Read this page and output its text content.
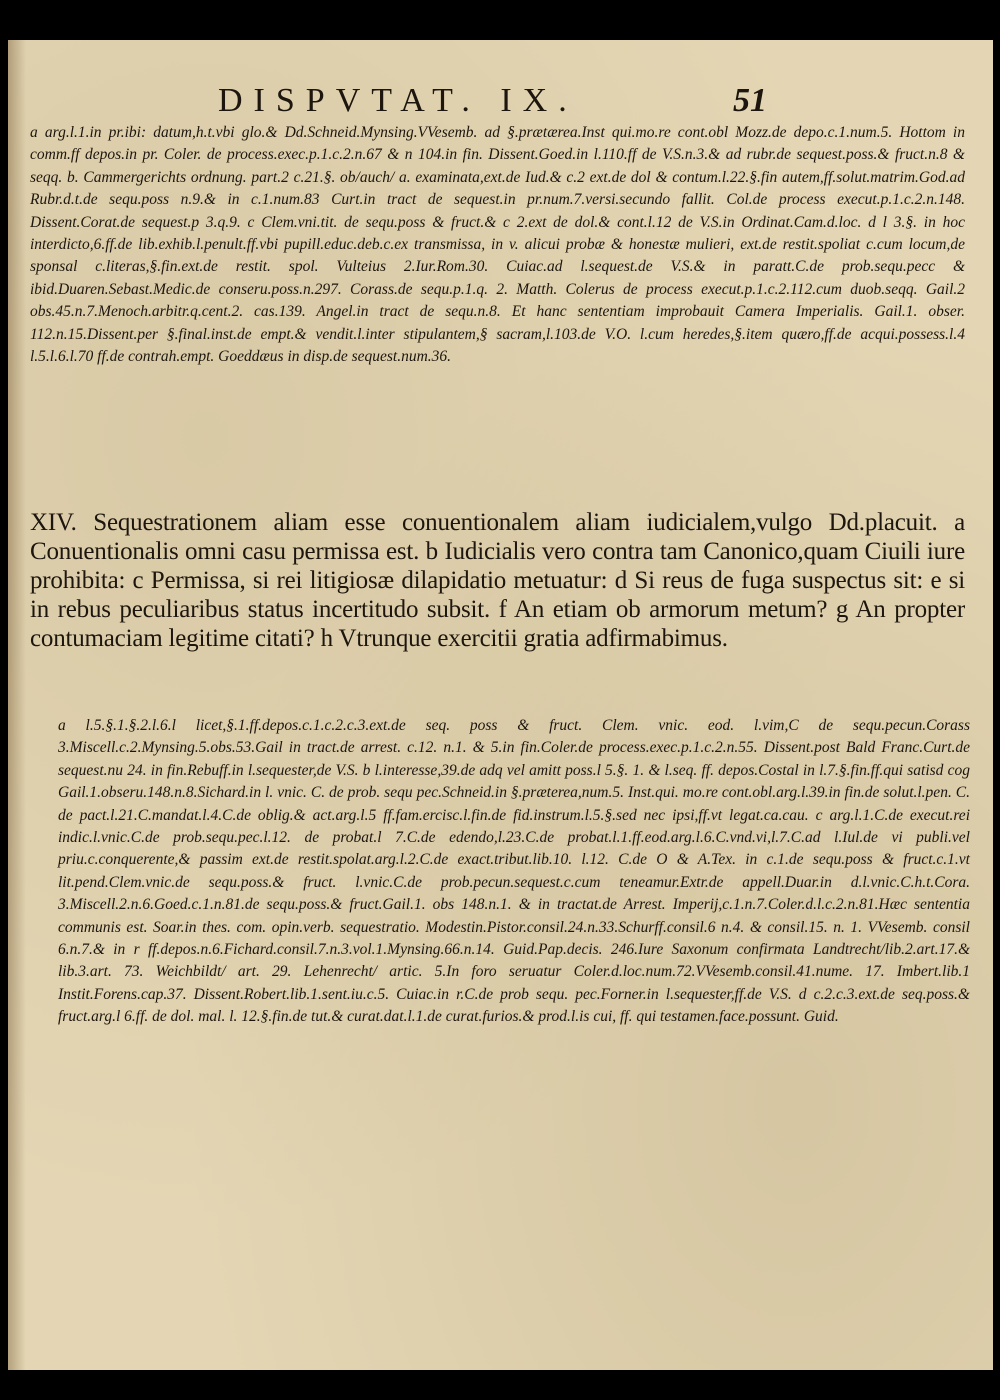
DISPVTAT. IX.	51

a arg.l.1.in pr.ibi: datum,h.t.vbi glo.& Dd.Schneid.Mynsing.VVesemb. ad §.prætærea.Inst qui.mo.re cont.obl Mozz.de depo.c.1.num.5. Hottom in comm.ff depos.in pr. Coler. de process.exec.p.1.c.2.n.67 & n 104.in fin. Dissent.Goed.in l.110.ff de V.S.n.3.& ad rubr.de sequest.poss.& fruct.n.8 & seqq. b. Cammergerichts ordnung. part.2 c.21.§. ob/auch/ a. examinata,ext.de Iud.& c.2 ext.de dol & contum.l.22.§.fin autem,ff.solut.matrim.God.ad Rubr.d.t.de sequ.poss n.9.& in c.1.num.83 Curt.in tract de sequest.in pr.num.7.versi.secundo fallit. Col.de process execut.p.1.c.2.n.148. Dissent.Corat.de sequest.p 3.q.9. c Clem.vni.tit. de sequ.poss & fruct.& c 2.ext de dol.& cont.l.12 de V.S.in Ordinat.Cam.d.loc. d l 3.§. in hoc interdicto,6.ff.de lib.exhib.l.penult.ff.vbi pupill.educ.deb.c.ex transmissa, in v. alicui probæ & honestæ mulieri, ext.de restit.spoliat c.cum locum,de sponsal c.literas,§.fin.ext.de restit. spol. Vulteius 2.Iur.Rom.30. Cuiac.ad l.sequest.de V.S.& in paratt.C.de prob.sequ.pecc & ibid.Duaren.Sebast.Medic.de conseru.poss.n.297. Corass.de sequ.p.1.q. 2. Matth. Colerus de process execut.p.1.c.2.112.cum duob.seqq. Gail.2 obs.45.n.7.Menoch.arbitr.q.cent.2. cas.139. Angel.in tract de sequ.n.8. Et hanc sententiam improbauit Camera Imperialis. Gail.1. obser. 112.n.15.Dissent.per §.final.inst.de empt.& vendit.l.inter stipulantem,§ sacram,l.103.de V.O. l.cum heredes,§.item quæro,ff.de acqui.possess.l.4 l.5.l.6.l.70 ff.de contrah.empt. Goeddæus in disp.de sequest.num.36.

XIV. Sequestrationem aliam esse conuentionalem aliam iudicialem,vulgo Dd.placuit. a Conuentionalis omni casu permissa est. b Iudicialis vero contra tam Canonico,quam Ciuili iure prohibita: c Permissa, si rei litigiosæ dilapidatio metuatur: d Si reus de fuga suspectus sit: e si in rebus peculiaribus status incertitudo subsit. f An etiam ob armorum metum? g An propter contumaciam legitime citati? h Vtrunque exercitii gratia adfirmabimus.

a l.5.§.1.§.2.l.6.l licet,§.1.ff.depos.c.1.c.2.c.3.ext.de seq. poss & fruct. Clem. vnic. eod. l.vim,C de sequ.pecun.Corass 3.Miscell.c.2.Mynsing.5.obs.53.Gail in tract.de arrest. c.12. n.1. & 5.in fin.Coler.de process.exec.p.1.c.2.n.55. Dissent.post Bald Franc.Curt.de sequest.nu 24. in fin.Rebuff.in l.sequester,de V.S. b l.interesse,39.de adq vel amitt poss.l 5.§. 1. & l.seq. ff. depos.Costal in l.7.§.fin.ff.qui satisd cog Gail.1.obseru.148.n.8.Sichard.in l. vnic. C. de prob. sequ pec.Schneid.in §.præterea,num.5. Inst.qui. mo.re cont.obl.arg.l.39.in fin.de solut.l.pen. C. de pact.l.21.C.mandat.l.4.C.de oblig.& act.arg.l.5 ff.fam.ercisc.l.fin.de fid.instrum.l.5.§.sed nec ipsi,ff.vt legat.ca.cau. c arg.l.1.C.de execut.rei indic.l.vnic.C.de prob.sequ.pec.l.12. de probat.l 7.C.de edendo,l.23.C.de probat.l.1.ff.eod.arg.l.6.C.vnd.vi,l.7.C.ad l.Iul.de vi publi.vel priu.c.conquerente,& passim ext.de restit.spolat.arg.l.2.C.de exact.tribut.lib.10. l.12. C.de O & A.Tex. in c.1.de sequ.poss & fruct.c.1.vt lit.pend.Clem.vnic.de sequ.poss.& fruct. l.vnic.C.de prob.pecun.sequest.c.cum teneamur.Extr.de appell.Duar.in d.l.vnic.C.h.t.Cora. 3.Miscell.2.n.6.Goed.c.1.n.81.de sequ.poss.& fruct.Gail.1. obs 148.n.1. & in tractat.de Arrest. Imperij,c.1.n.7.Coler.d.l.c.2.n.81.Hæc sententia communis est. Soar.in thes. com. opin.verb. sequestratio. Modestin.Pistor.consil.24.n.33.Schurff.consil.6 n.4. & consil.15. n. 1. VVesemb. consil 6.n.7.& in r ff.depos.n.6.Fichard.consil.7.n.3.vol.1.Mynsing.66.n.14. Guid.Pap.decis. 246.Iure Saxonum confirmata Landtrecht/lib.2.art.17.& lib.3.art. 73. Weichbildt/ art. 29. Lehenrecht/ artic. 5.In foro seruatur Coler.d.loc.num.72.VVesemb.consil.41.nume. 17. Imbert.lib.1 Instit.Forens.cap.37. Dissent.Robert.lib.1.sent.iu.c.5. Cuiac.in r.C.de prob sequ. pec.Forner.in l.sequester,ff.de V.S. d c.2.c.3.ext.de seq.poss.& fruct.arg.l 6.ff. de dol. mal. l. 12.§.fin.de tut.& curat.dat.l.1.de curat.furios.& prod.l.is cui, ff. qui testamen.face.possunt. Guid.
